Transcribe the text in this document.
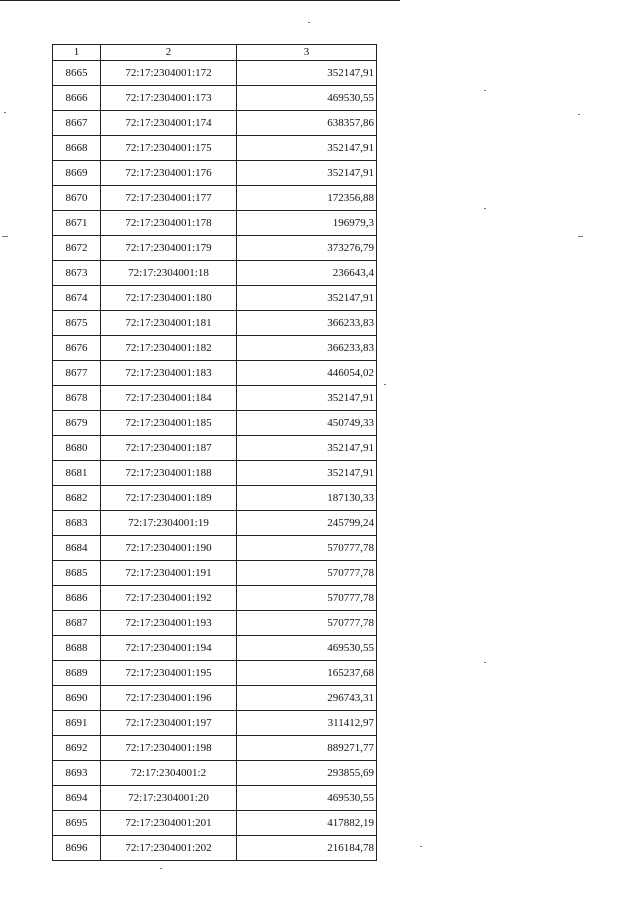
1	2	3
8665	72:17:2304001:172	352147,91
8666	72:17:2304001:173	469530,55
8667	72:17:2304001:174	638357,86
8668	72:17:2304001:175	352147,91
8669	72:17:2304001:176	352147,91
8670	72:17:2304001:177	172356,88
8671	72:17:2304001:178	196979,3
8672	72:17:2304001:179	373276,79
8673	72:17:2304001:18	236643,4
8674	72:17:2304001:180	352147,91
8675	72:17:2304001:181	366233,83
8676	72:17:2304001:182	366233,83
8677	72:17:2304001:183	446054,02
8678	72:17:2304001:184	352147,91
8679	72:17:2304001:185	450749,33
8680	72:17:2304001:187	352147,91
8681	72:17:2304001:188	352147,91
8682	72:17:2304001:189	187130,33
8683	72:17:2304001:19	245799,24
8684	72:17:2304001:190	570777,78
8685	72:17:2304001:191	570777,78
8686	72:17:2304001:192	570777,78
8687	72:17:2304001:193	570777,78
8688	72:17:2304001:194	469530,55
8689	72:17:2304001:195	165237,68
8690	72:17:2304001:196	296743,31
8691	72:17:2304001:197	311412,97
8692	72:17:2304001:198	889271,77
8693	72:17:2304001:2	293855,69
8694	72:17:2304001:20	469530,55
8695	72:17:2304001:201	417882,19
8696	72:17:2304001:202	216184,78
